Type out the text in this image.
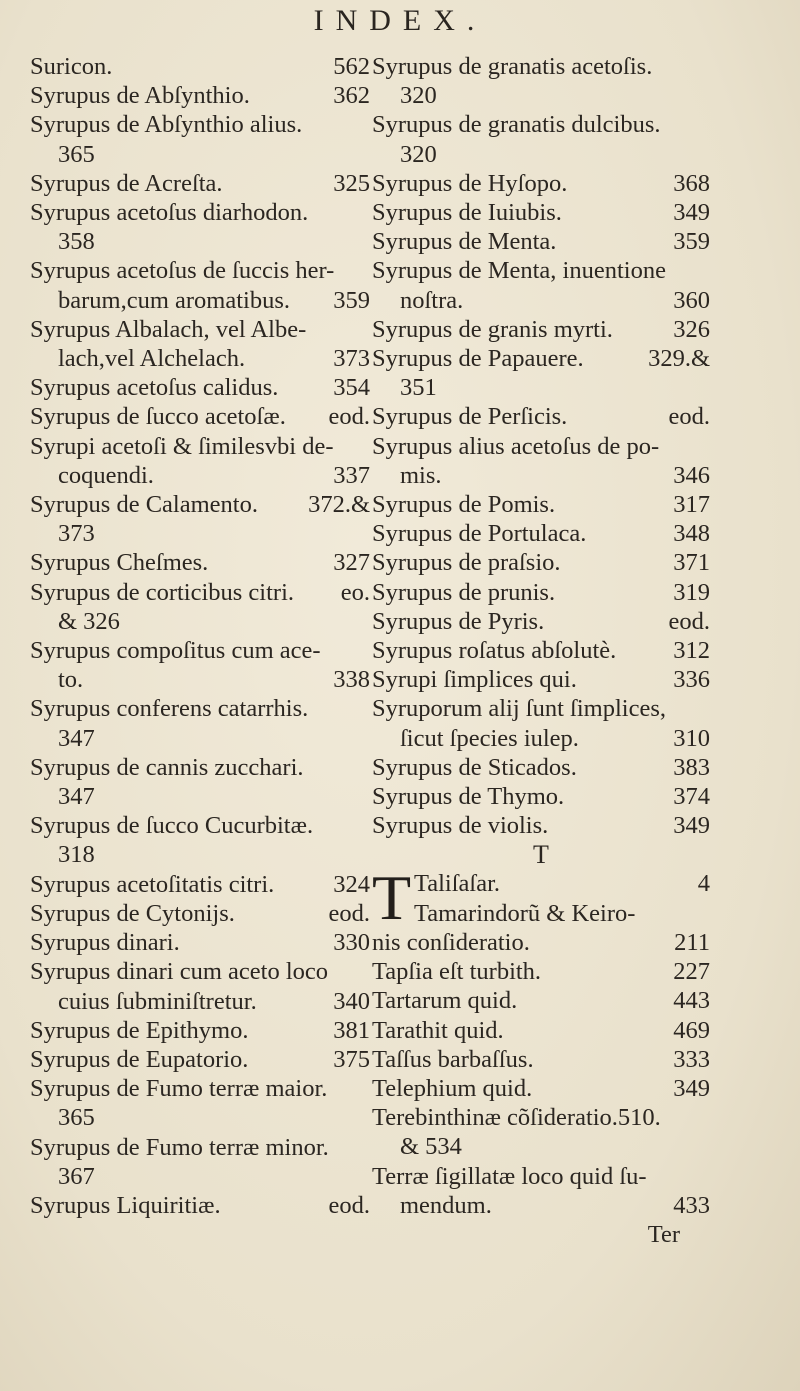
INDEX.
Suricon.	562
Syrupus de Abſynthio.	362
Syrupus de Abſynthio alius.
365
Syrupus de Acreſta.	325
Syrupus acetoſus diarhodon.
358
Syrupus acetoſus de ſuccis her-
barum,cum aromatibus. 359
Syrupus Albalach, vel Albe-
lach,vel Alchelach.	373
Syrupus acetoſus calidus. 354
Syrupus de ſucco acetoſæ. eod.
Syrupi acetoſi & ſimilesvbi de-
coquendi.	337
Syrupus de Calamento. 372.&
373
Syrupus Cheſmes.	327
Syrupus de corticibus citri. eo.
& 326
Syrupus compoſitus cum ace-
to.	338
Syrupus conferens catarrhis.
347
Syrupus de cannis zucchari.
347
Syrupus de ſucco Cucurbitæ.
318
Syrupus acetoſitatis citri. 324
Syrupus de Cytonijs.	eod.
Syrupus dinari.	330
Syrupus dinari cum aceto loco
cuius ſubminiſtretur.	340
Syrupus de Epithymo.	381
Syrupus de Eupatorio.	375
Syrupus de Fumo terræ maior.
365
Syrupus de Fumo terræ minor.
367
Syrupus Liquiritiæ.	eod.
Syrupus de granatis acetoſis.
320
Syrupus de granatis dulcibus.
320
Syrupus de Hyſopo.	368
Syrupus de Iuiubis.	349
Syrupus de Menta.	359
Syrupus de Menta, inuentione
noſtra.	360
Syrupus de granis myrti. 326
Syrupus de Papauere.	329.&
351
Syrupus de Perſicis.	eod.
Syrupus alius acetoſus de po-
mis.	346
Syrupus de Pomis.	317
Syrupus de Portulaca.	348
Syrupus de praſsio.	371
Syrupus de prunis.	319
Syrupus de Pyris.	eod.
Syrupus roſatus abſolutè. 312
Syrupi ſimplices qui.	336
Syruporum alij ſunt ſimplices,
ſicut ſpecies iulep.	310
Syrupus de Sticados.	383
Syrupus de Thymo.	374
Syrupus de violis.	349
T
T Taliſaſar.	4
Tamarindorũ & Keiro-
nis conſideratio.	211
Tapſia eſt turbith.	227
Tartarum quid.	443
Tarathit quid.	469
Taſſus barbaſſus.	333
Telephium quid.	349
Terebinthinæ cõſideratio.510.
& 534
Terræ ſigillatæ loco quid ſu-
mendum.	433
Ter
